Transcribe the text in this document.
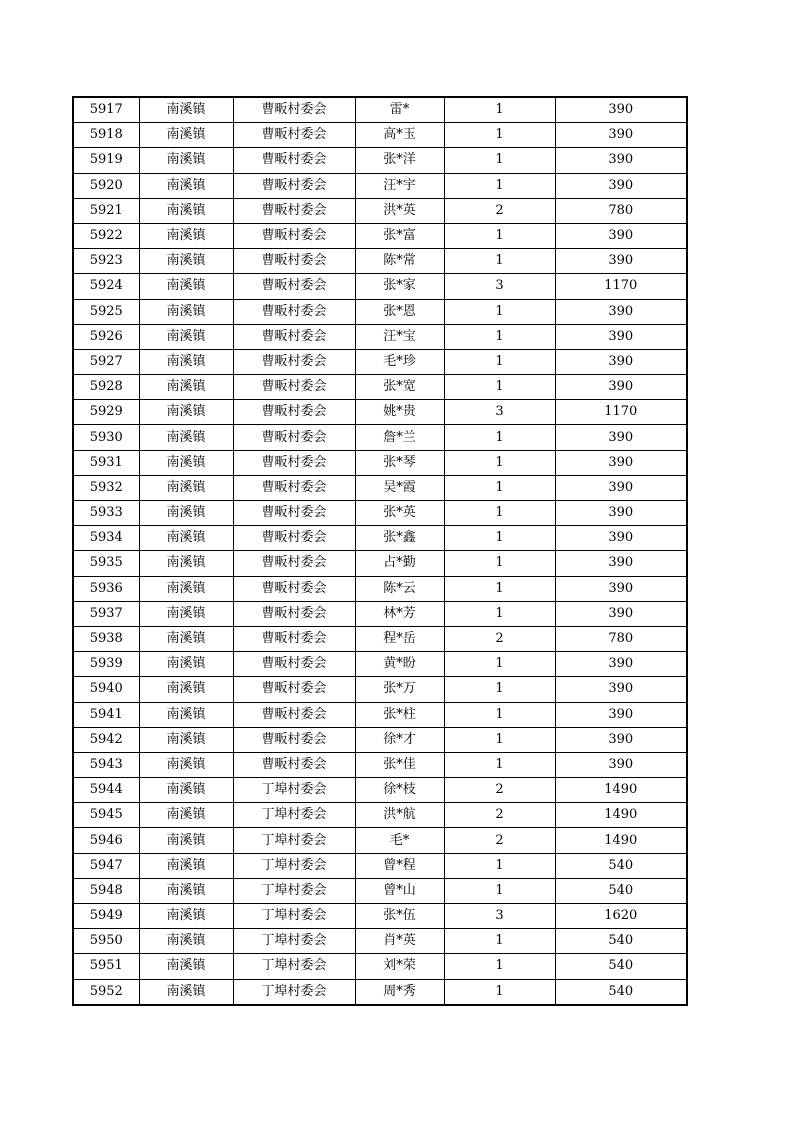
5917	南溪镇	曹畈村委会	雷*	1	390
5918	南溪镇	曹畈村委会	高*玉	1	390
5919	南溪镇	曹畈村委会	张*洋	1	390
5920	南溪镇	曹畈村委会	汪*宇	1	390
5921	南溪镇	曹畈村委会	洪*英	2	780
5922	南溪镇	曹畈村委会	张*富	1	390
5923	南溪镇	曹畈村委会	陈*常	1	390
5924	南溪镇	曹畈村委会	张*家	3	1170
5925	南溪镇	曹畈村委会	张*恩	1	390
5926	南溪镇	曹畈村委会	汪*宝	1	390
5927	南溪镇	曹畈村委会	毛*珍	1	390
5928	南溪镇	曹畈村委会	张*宽	1	390
5929	南溪镇	曹畈村委会	姚*贵	3	1170
5930	南溪镇	曹畈村委会	詹*兰	1	390
5931	南溪镇	曹畈村委会	张*琴	1	390
5932	南溪镇	曹畈村委会	吴*霞	1	390
5933	南溪镇	曹畈村委会	张*英	1	390
5934	南溪镇	曹畈村委会	张*鑫	1	390
5935	南溪镇	曹畈村委会	占*勤	1	390
5936	南溪镇	曹畈村委会	陈*云	1	390
5937	南溪镇	曹畈村委会	林*芳	1	390
5938	南溪镇	曹畈村委会	程*岳	2	780
5939	南溪镇	曹畈村委会	黄*盼	1	390
5940	南溪镇	曹畈村委会	张*万	1	390
5941	南溪镇	曹畈村委会	张*柱	1	390
5942	南溪镇	曹畈村委会	徐*才	1	390
5943	南溪镇	曹畈村委会	张*佳	1	390
5944	南溪镇	丁埠村委会	徐*枝	2	1490
5945	南溪镇	丁埠村委会	洪*航	2	1490
5946	南溪镇	丁埠村委会	毛*	2	1490
5947	南溪镇	丁埠村委会	曾*程	1	540
5948	南溪镇	丁埠村委会	曾*山	1	540
5949	南溪镇	丁埠村委会	张*伍	3	1620
5950	南溪镇	丁埠村委会	肖*英	1	540
5951	南溪镇	丁埠村委会	刘*荣	1	540
5952	南溪镇	丁埠村委会	周*秀	1	540
